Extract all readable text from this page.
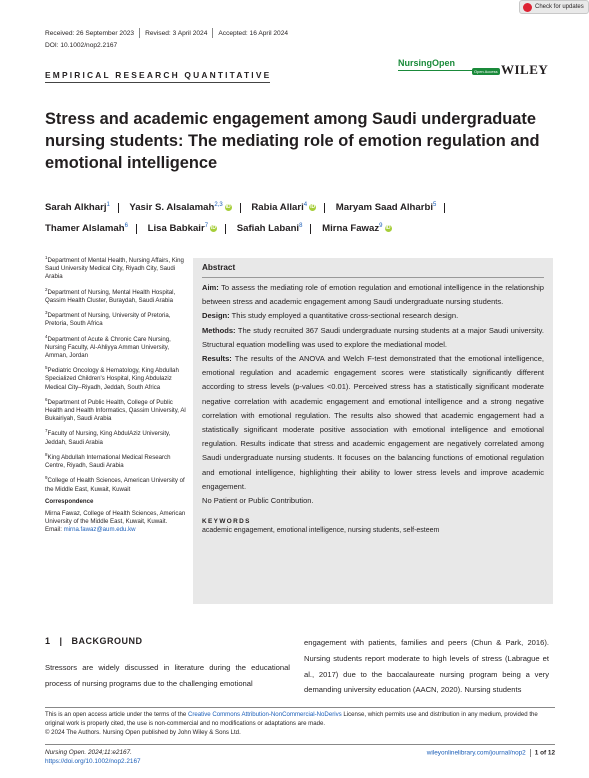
Check for updates
Received: 26 September 2023 Revised: 3 April 2024 Accepted: 16 April 2024
DOI: 10.1002/nop2.2167
EMPIRICAL RESEARCH QUANTITATIVE
NursingOpen
Open Access WILEY
Stress and academic engagement among Saudi undergraduate nursing students: The mediating role of emotion regulation and emotional intelligence
Sarah Alkharj$^1$ Yasir S. Alsalamah$^{2,3}$ iD Rabia Allari$^4$ iD Maryam Saad Alharbi$^5$
Thamer Alslamah$^6$ Lisa Babkair$^7$ iD Safiah Labani$^8$ Mirna Fawaz$^9$ iD

$^1$Department of Mental Health, Nursing Affairs, King Saud University Medical City, Riyadh City, Saudi Arabia

$^2$Department of Nursing, Mental Health Hospital, Qassim Health Cluster, Buraydah, Saudi Arabia

$^3$Department of Nursing, University of Pretoria, Pretoria, South Africa

$^4$Department of Acute & Chronic Care Nursing, Nursing Faculty, Al-Ahliyya Amman University, Amman, Jordan

$^5$Pediatric Oncology & Hematology, King Abdullah Specialized Children's Hospital, King Abdulaziz Medical City–Riyadh, Jeddah, South Africa

$^6$Department of Public Health, College of Public Health and Health Informatics, Qassim University, Al Bukairiyah, Saudi Arabia

$^7$Faculty of Nursing, King AbdulAziz University, Jeddah, Saudi Arabia

$^8$King Abdullah International Medical Research Centre, Riyadh, Saudi Arabia

$^9$College of Health Sciences, American University of the Middle East, Kuwait, Kuwait

Correspondence

Mirna Fawaz, College of Health Sciences, American University of the Middle East, Kuwait, Kuwait.
Email: mirna.fawaz@aum.edu.kw

Abstract
Aim: To assess the mediating role of emotion regulation and emotional intelligence in the relationship between stress and academic engagement among Saudi undergraduate nursing students.
Design: This study employed a quantitative cross-sectional research design.
Methods: The study recruited 367 Saudi undergraduate nursing students at a major Saudi university. Structural equation modelling was used to explore the mediational model.
Results: The results of the ANOVA and Welch F-test demonstrated that the emotional intelligence, emotional regulation and academic engagement scores were statistically significantly different according to stress levels (p-values <0.01). Perceived stress has a statistically significant moderate negative correlation with academic engagement and emotional intelligence and a strong negative correlation with emotional regulation. The results also showed that academic engagement had a statistically significant moderate positive association with emotional intelligence and emotional regulation. Results indicate that stress and academic engagement are negatively correlated among Saudi undergraduate nursing students. It focuses on the balancing functions of emotional regulation and emotional intelligence, highlighting their ability to lower stress levels and improve academic engagement.
No Patient or Public Contribution.
KEYWORDS
academic engagement, emotional intelligence, nursing students, self-esteem
1   |   BACKGROUND
Stressors are widely discussed in literature during the educational process of nursing programs due to the challenging emotional
engagement with patients, families and peers (Chun & Park, 2016). Nursing students report moderate to high levels of stress (Labrague et al., 2017) due to the baccalaureate nursing program being a very demanding university education (AACN, 2020). Nursing students
This is an open access article under the terms of the Creative Commons Attribution-NonCommercial-NoDerivs License, which permits use and distribution in any medium, provided the original work is properly cited, the use is non-commercial and no modifications or adaptations are made.
© 2024 The Authors. Nursing Open published by John Wiley & Sons Ltd.
Nursing Open. 2024;11:e2167.
https://doi.org/10.1002/nop2.2167
wileyonlinelibrary.com/journal/nop2 1 of 12
